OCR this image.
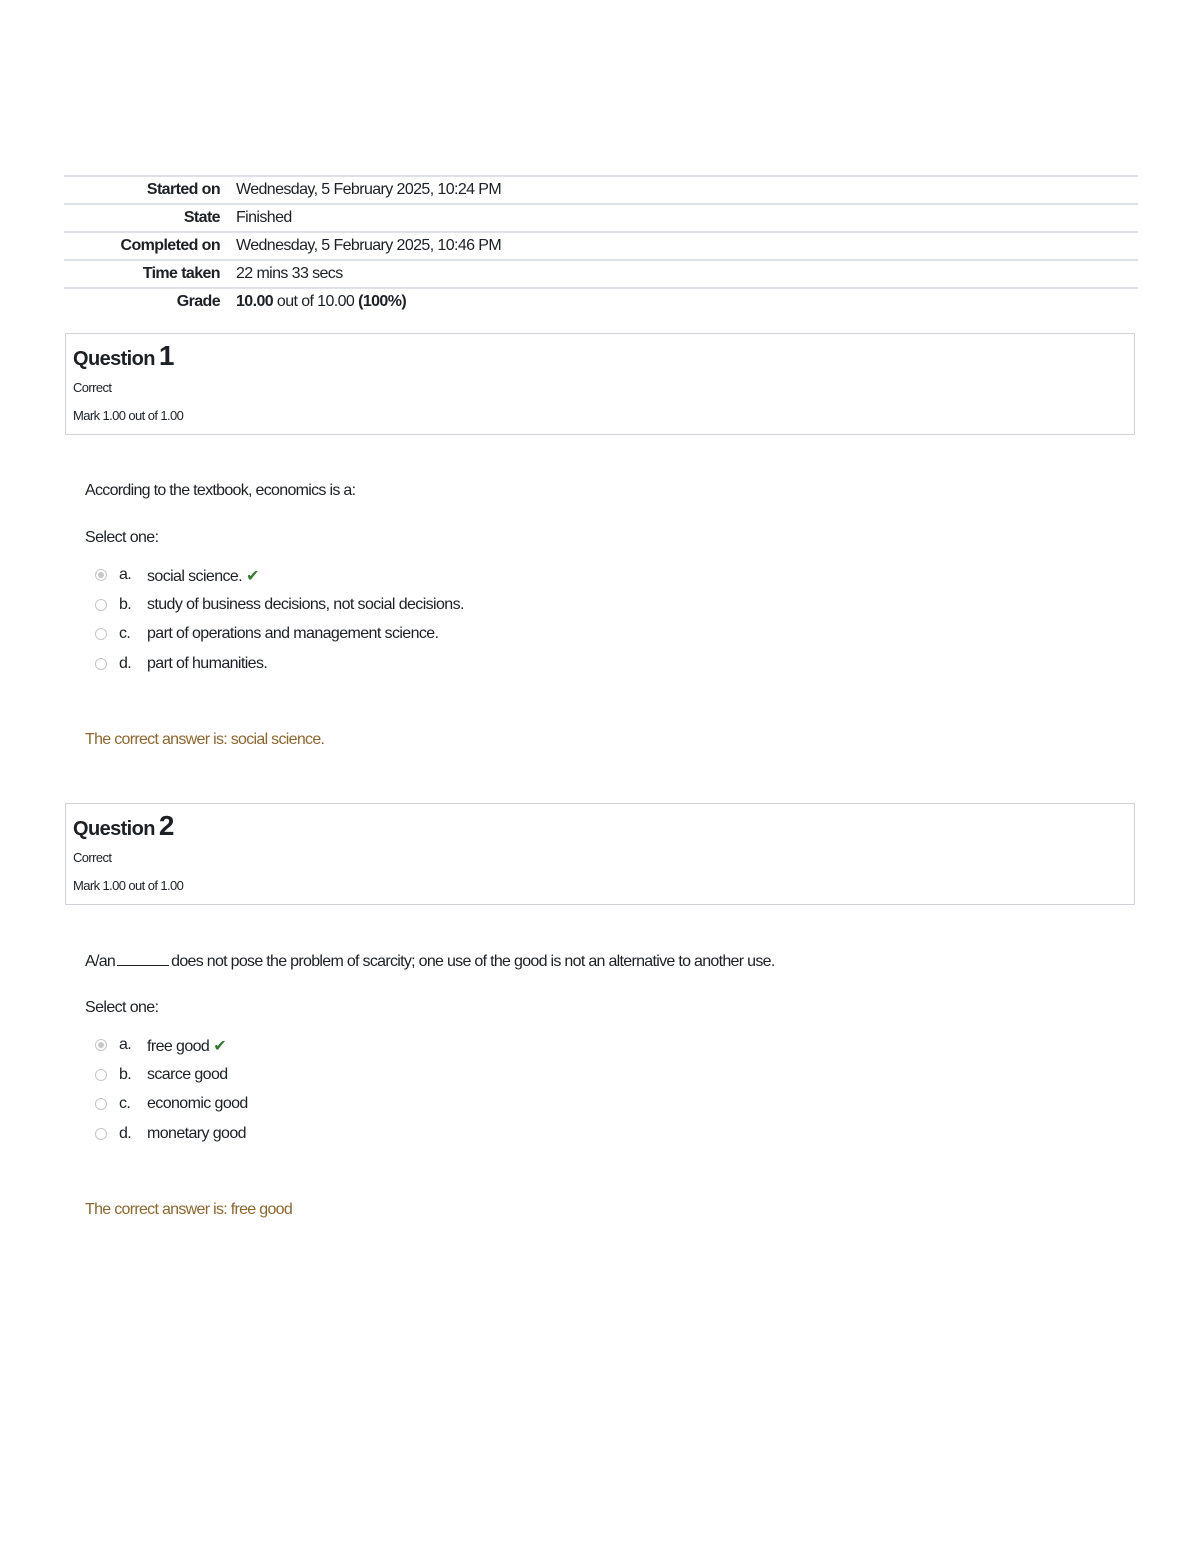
Started on	Wednesday, 5 February 2025, 10:24 PM
State	Finished
Completed on	Wednesday, 5 February 2025, 10:46 PM
Time taken	22 mins 33 secs
Grade	10.00 out of 10.00 (100%)
Question 1
Correct
Mark 1.00 out of 1.00
According to the textbook, economics is a:
Select one:
a. social science. ✔
b. study of business decisions, not social decisions.
c. part of operations and management science.
d. part of humanities.
The correct answer is: social science.
Question 2
Correct
Mark 1.00 out of 1.00
A/an	does not pose the problem of scarcity; one use of the good is not an alternative to another use.
Select one:
a. free good ✔
b. scarce good
c. economic good
d. monetary good
The correct answer is: free good
